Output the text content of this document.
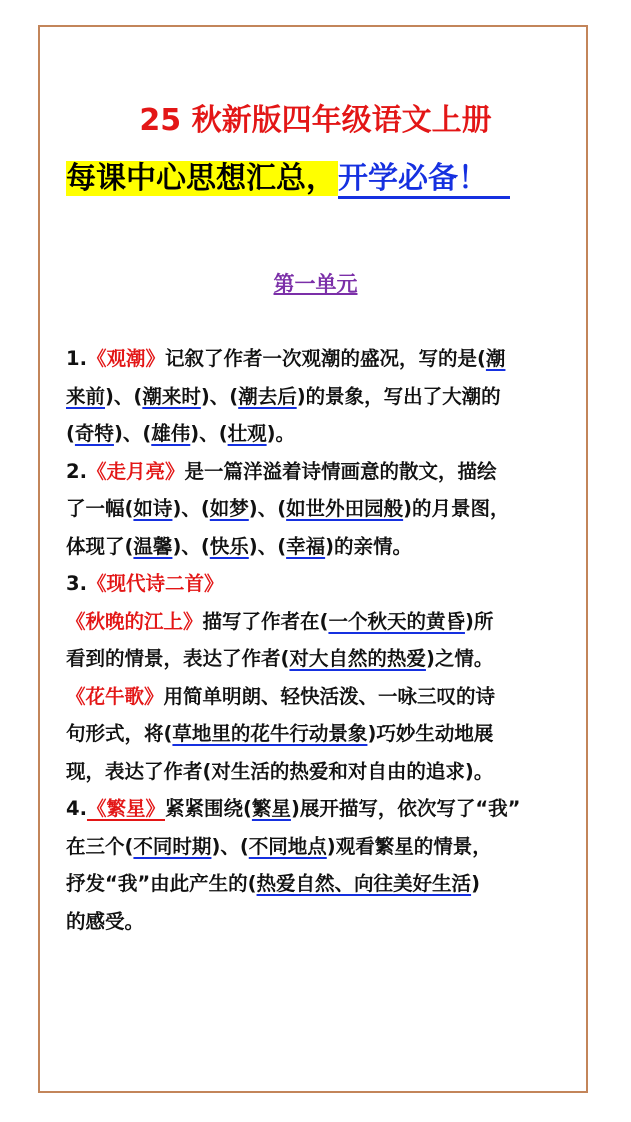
25 秋新版四年级语文上册
每课中心思想汇总，开学必备！
第一单元
1.《观潮》记叙了作者一次观潮的盛况，写的是(潮
来前)、(潮来时)、(潮去后)的景象，写出了大潮的
(奇特)、(雄伟)、(壮观)。
2.《走月亮》是一篇洋溢着诗情画意的散文，描绘
了一幅(如诗)、(如梦)、(如世外田园般)的月景图，
体现了(温馨)、(快乐)、(幸福)的亲情。
3.《现代诗二首》
《秋晚的江上》描写了作者在(一个秋天的黄昏)所
看到的情景，表达了作者(对大自然的热爱)之情。
《花牛歌》用简单明朗、轻快活泼、一咏三叹的诗
句形式，将(草地里的花牛行动景象)巧妙生动地展
现，表达了作者(对生活的热爱和对自由的追求)。
4.《繁星》紧紧围绕(繁星)展开描写，依次写了“我”
在三个(不同时期)、(不同地点)观看繁星的情景，
抒发“我”由此产生的(热爱自然、向往美好生活)
的感受。
